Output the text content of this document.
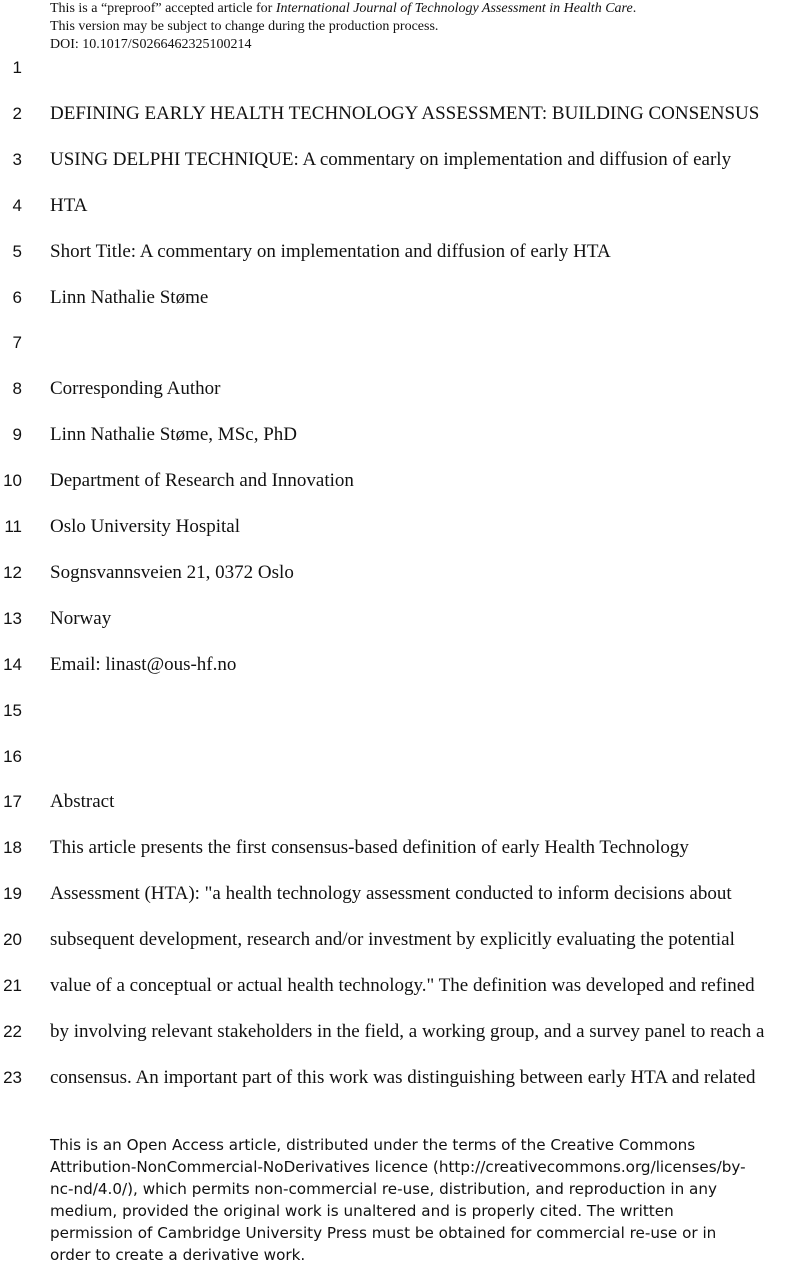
This is a “preproof” accepted article for International Journal of Technology Assessment in Health Care.
This version may be subject to change during the production process.
DOI: 10.1017/S0266462325100214
1
2 DEFINING EARLY HEALTH TECHNOLOGY ASSESSMENT: BUILDING CONSENSUS
3 USING DELPHI TECHNIQUE: A commentary on implementation and diffusion of early
4 HTA
5 Short Title: A commentary on implementation and diffusion of early HTA
6 Linn Nathalie Støme
7
8 Corresponding Author
9 Linn Nathalie Støme, MSc, PhD
10 Department of Research and Innovation
11 Oslo University Hospital
12 Sognsvannsveien 21, 0372 Oslo
13 Norway
14 Email: linast@ous-hf.no
15
16
17 Abstract
18 This article presents the first consensus-based definition of early Health Technology
19 Assessment (HTA): "a health technology assessment conducted to inform decisions about
20 subsequent development, research and/or investment by explicitly evaluating the potential
21 value of a conceptual or actual health technology." The definition was developed and refined
22 by involving relevant stakeholders in the field, a working group, and a survey panel to reach a
23 consensus. An important part of this work was distinguishing between early HTA and related
This is an Open Access article, distributed under the terms of the Creative Commons
Attribution-NonCommercial-NoDerivatives licence (http://creativecommons.org/licenses/by-
nc-nd/4.0/), which permits non-commercial re-use, distribution, and reproduction in any
medium, provided the original work is unaltered and is properly cited. The written
permission of Cambridge University Press must be obtained for commercial re-use or in
order to create a derivative work.
